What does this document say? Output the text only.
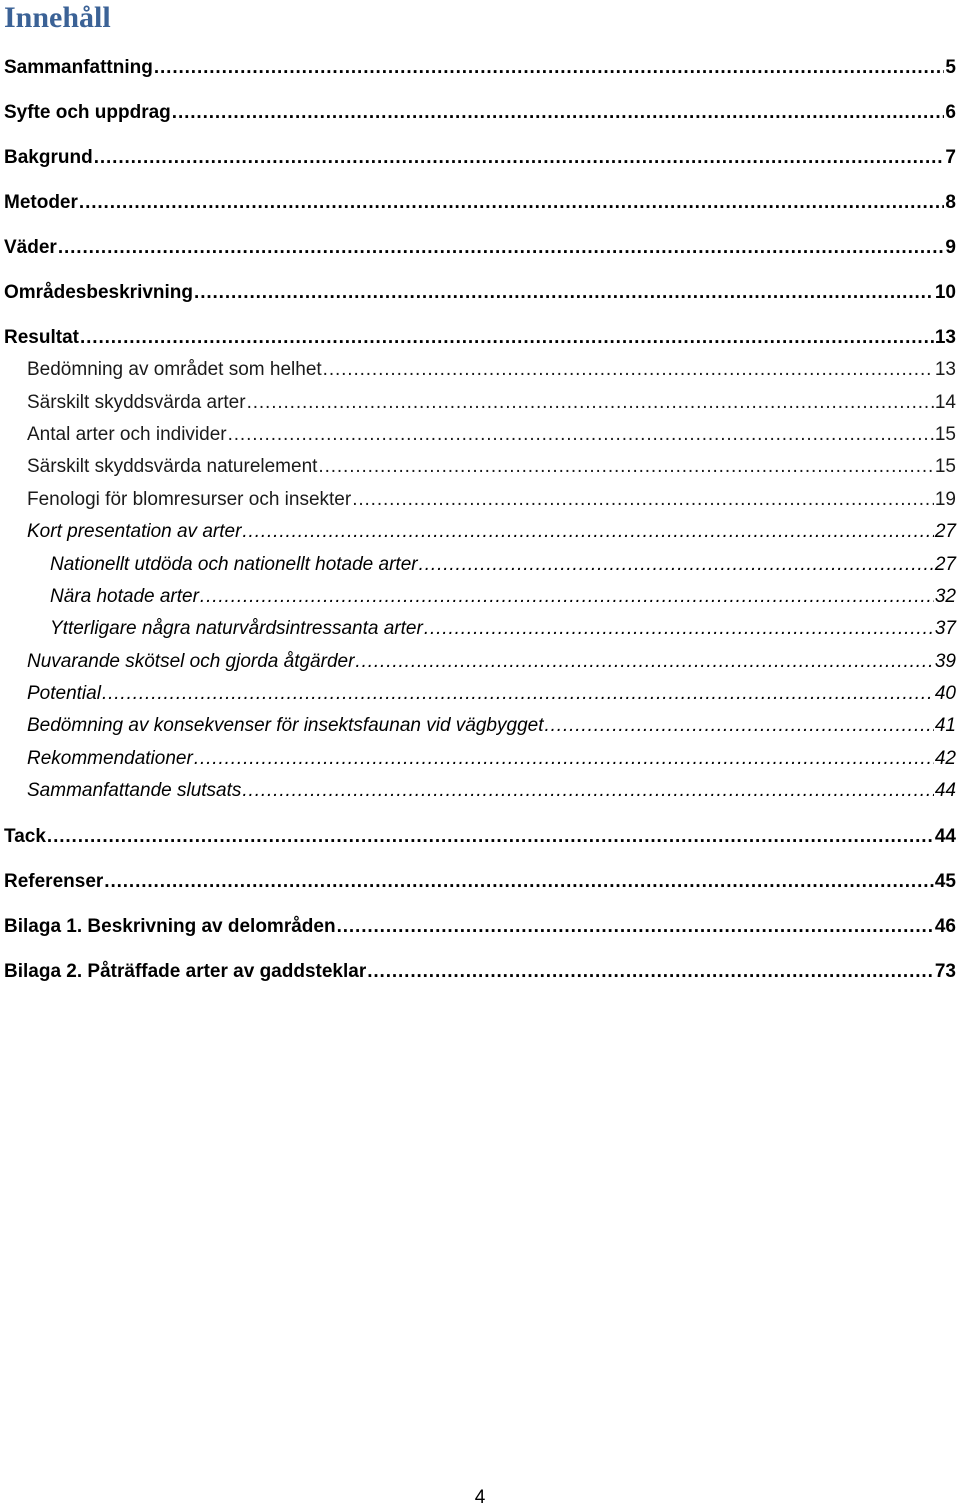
Innehåll
Sammanfattning . . .	5
Syfte och uppdrag . . .	6
Bakgrund . . .	7
Metoder . . .	8
Väder . . .	9
Områdesbeskrivning . . .	10
Resultat . . .	13
Bedömning av området som helhet . . .	13
Särskilt skyddsvärda arter . . .	14
Antal arter och individer . . .	15
Särskilt skyddsvärda naturelement . . .	15
Fenologi för blomresurser och insekter . . .	19
Kort presentation av arter . . .	27
Nationellt utdöda och nationellt hotade arter . . .	27
Nära hotade arter . . .	32
Ytterligare några naturvårdsintressanta arter . . .	37
Nuvarande skötsel och gjorda åtgärder . . .	39
Potential . . .	40
Bedömning av konsekvenser för insektsfaunan vid vägbygget . . .	41
Rekommendationer . . .	42
Sammanfattande slutsats . . .	44
Tack . . .	44
Referenser . . .	45
Bilaga 1. Beskrivning av delområden . . .	46
Bilaga 2. Påträffade arter av gaddsteklar . . .	73
4
